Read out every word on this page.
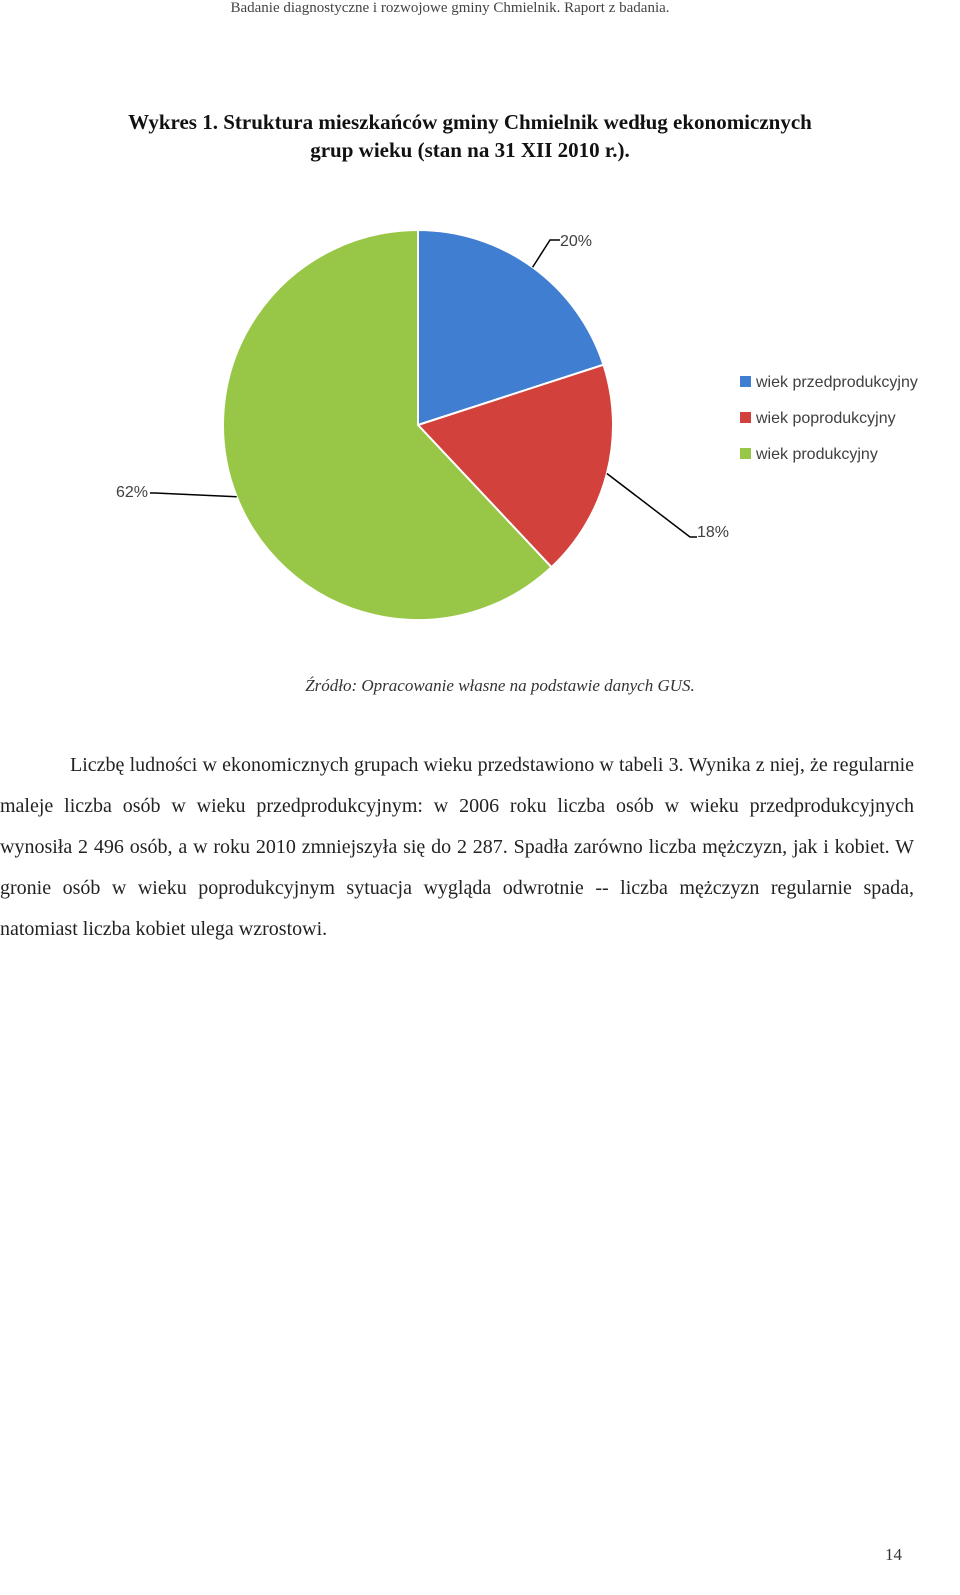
Badanie diagnostyczne i rozwojowe gminy Chmielnik. Raport z badania.
Wykres 1. Struktura mieszkańców gminy Chmielnik według ekonomicznych
grup wieku (stan na 31 XII 2010 r.).
20%
18%
62%
wiek przedprodukcyjny
wiek poprodukcyjny
wiek produkcyjny
Źródło: Opracowanie własne na podstawie danych GUS.
Liczbę ludności w ekonomicznych grupach wieku przedstawiono w tabeli 3. Wynika z niej, że regularnie maleje liczba osób w wieku przedprodukcyjnym: w 2006 roku liczba osób w wieku przedprodukcyjnych wynosiła 2 496 osób, a w roku 2010 zmniejszyła się do 2 287. Spadła zarówno liczba mężczyzn, jak i kobiet. W gronie osób w wieku poprodukcyjnym sytuacja wygląda odwrotnie -- liczba mężczyzn regularnie spada, natomiast liczba kobiet ulega wzrostowi.
14
